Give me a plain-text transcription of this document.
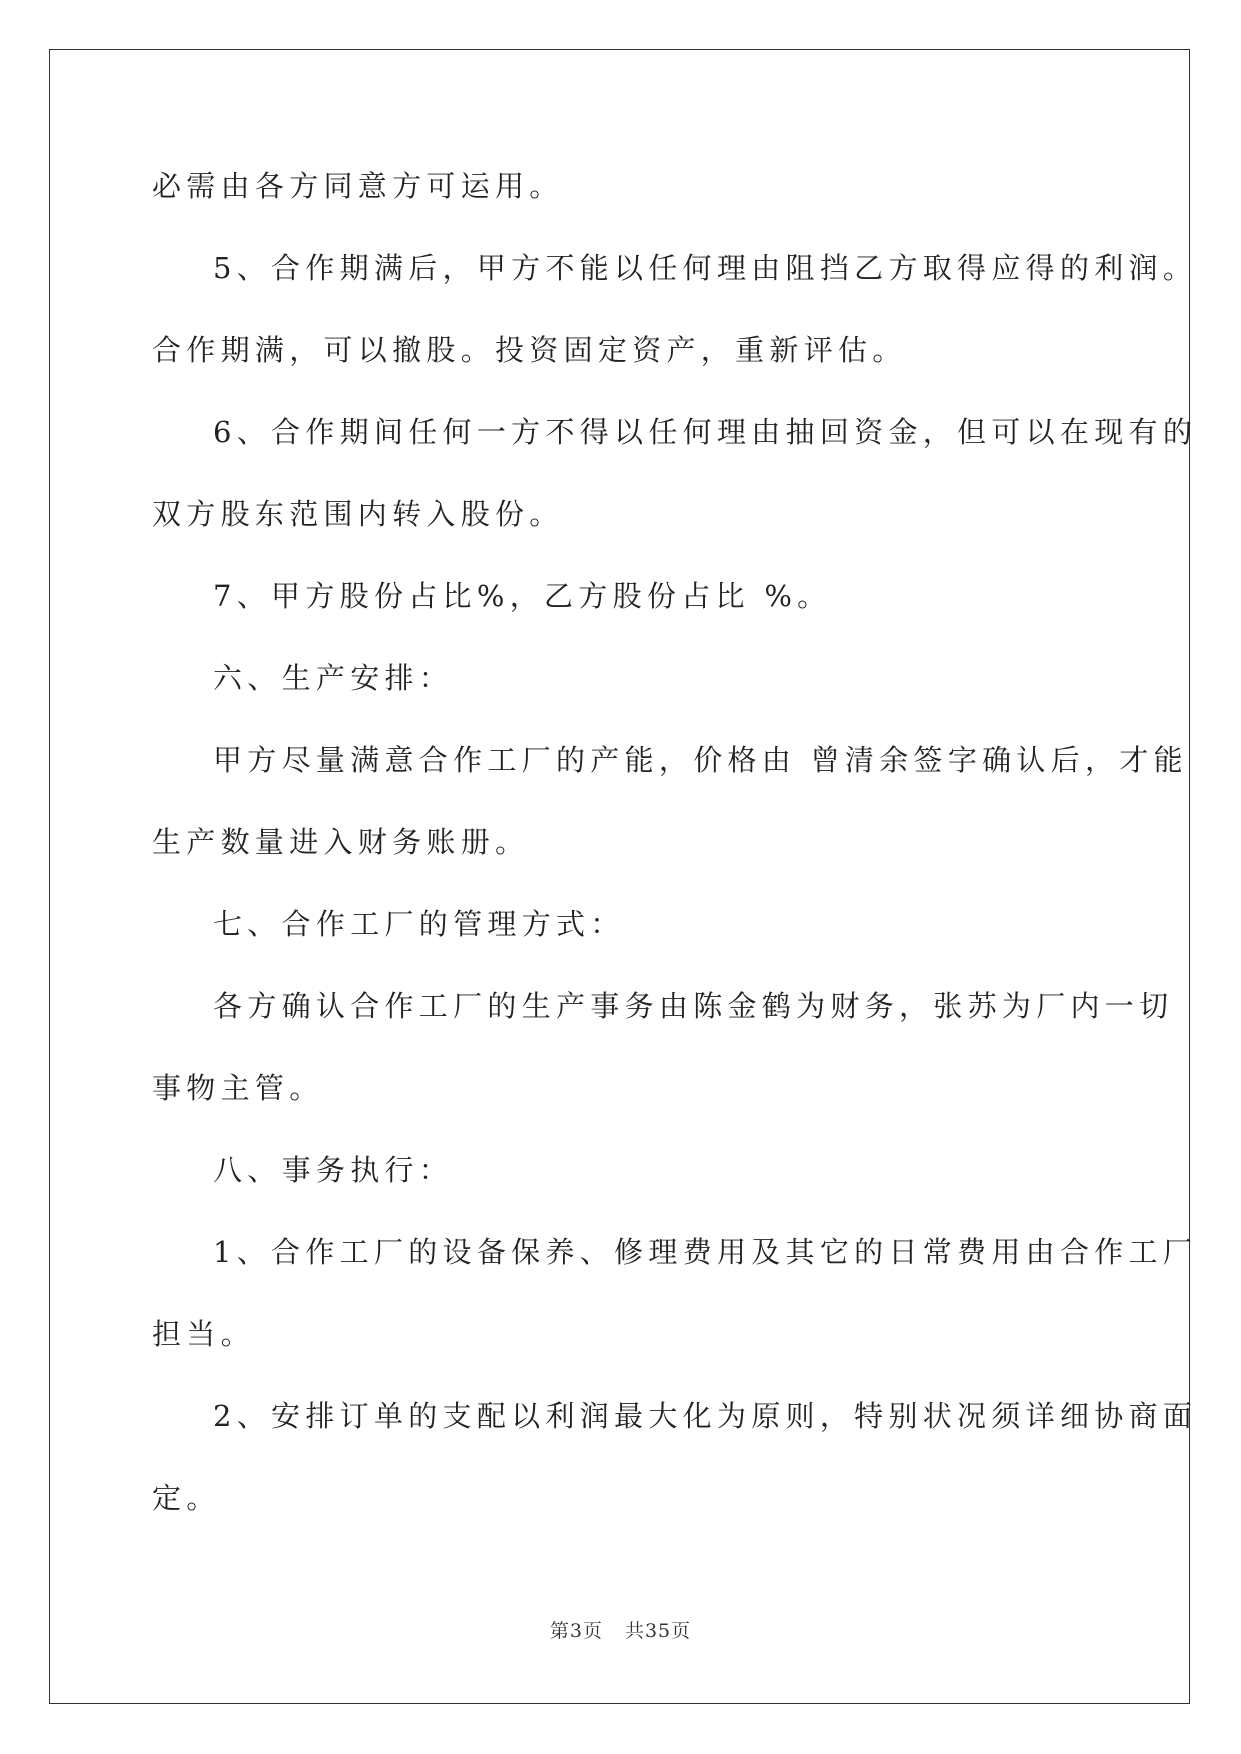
必需由各方同意方可运用。
5、合作期满后，甲方不能以任何理由阻挡乙方取得应得的利润。
合作期满，可以撤股。投资固定资产，重新评估。
6、合作期间任何一方不得以任何理由抽回资金，但可以在现有的
双方股东范围内转入股份。
7、甲方股份占比%，乙方股份占比 %。
六、生产安排：
甲方尽量满意合作工厂的产能，价格由 曾清余签字确认后，才能
生产数量进入财务账册。
七、合作工厂的管理方式：
各方确认合作工厂的生产事务由陈金鹤为财务，张苏为厂内一切
事物主管。
八、事务执行：
1、合作工厂的设备保养、修理费用及其它的日常费用由合作工厂
担当。
2、安排订单的支配以利润最大化为原则，特别状况须详细协商面
定。
第3页 共35页
